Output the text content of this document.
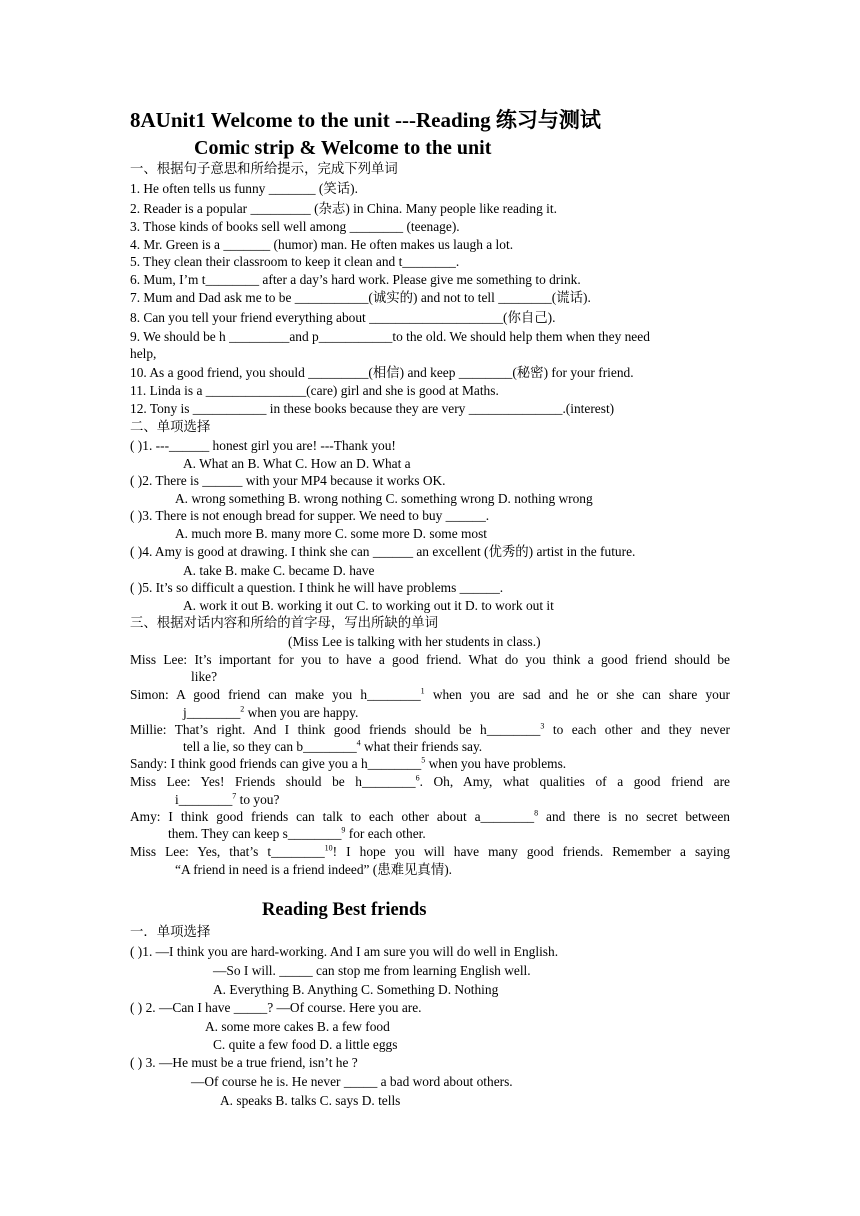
8AUnit1 Welcome to the unit ---Reading 练习与测试
Comic strip & Welcome to the unit
一、根据句子意思和所给提示，完成下列单词
1. He often tells us funny _______ (笑话).
2. Reader is a popular _________ (杂志) in China. Many people like reading it.
3. Those kinds of books sell well among ________ (teenage).
4. Mr. Green is a _______ (humor) man. He often makes us laugh a lot.
5. They clean their classroom to keep it clean and t________.
6. Mum, I’m t________ after a day’s hard work. Please give me something to drink.
7. Mum and Dad ask me to be ___________(诚实的) and not to tell ________(谎话).
8. Can you tell your friend everything about ____________________(你自己).
9. We should be h _________and p___________to the old. We should help them when they need
help,
10. As a good friend, you should _________(相信) and keep ________(秘密) for your friend.
11. Linda is a _______________(care) girl and she is good at Maths.
12. Tony is ___________ in these books because they are very ______________.(interest)
二、单项选择
( )1. ---______ honest girl you are! ---Thank you!
A. What an B. What C. How an D. What a
( )2. There is ______ with your MP4 because it works OK.
A. wrong something B. wrong nothing C. something wrong D. nothing wrong
( )3. There is not enough bread for supper. We need to buy ______.
A. much more B. many more C. some more D. some most
( )4. Amy is good at drawing. I think she can ______ an excellent (优秀的) artist in the future.
A. take B. make C. became D. have
( )5. It’s so difficult a question. I think he will have problems ______.
A. work it out B. working it out C. to working out it D. to work out it
三、根据对话内容和所给的首字母，写出所缺的单词
(Miss Lee is talking with her students in class.)
Miss Lee: It’s important for you to have a good friend. What do you think a good friend should be
like?
Simon: A good friend can make you h________$^1$ when you are sad and he or she can share your
j________$^2$ when you are happy.
Millie: That’s right. And I think good friends should be h________$^3$ to each other and they never
tell a lie, so they can b________$^4$ what their friends say.
Sandy: I think good friends can give you a h________$^5$ when you have problems.
Miss Lee: Yes! Friends should be h________$^6$. Oh, Amy, what qualities of a good friend are
i________$^7$ to you?
Amy: I think good friends can talk to each other about a________$^8$ and there is no secret between
them. They can keep s________$^9$ for each other.
Miss Lee: Yes, that’s t________$^{10}$! I hope you will have many good friends. Remember a saying
“A friend in need is a friend indeed” (患难见真情).
Reading Best friends
一．单项选择
( )1. —I think you are hard-working. And I am sure you will do well in English.
—So I will. _____ can stop me from learning English well.
A. Everything B. Anything C. Something D. Nothing
( ) 2. —Can I have _____? —Of course. Here you are.
A. some more cakes B. a few food
C. quite a few food D. a little eggs
( ) 3. —He must be a true friend, isn’t he ?
—Of course he is. He never _____ a bad word about others.
A. speaks B. talks C. says D. tells
